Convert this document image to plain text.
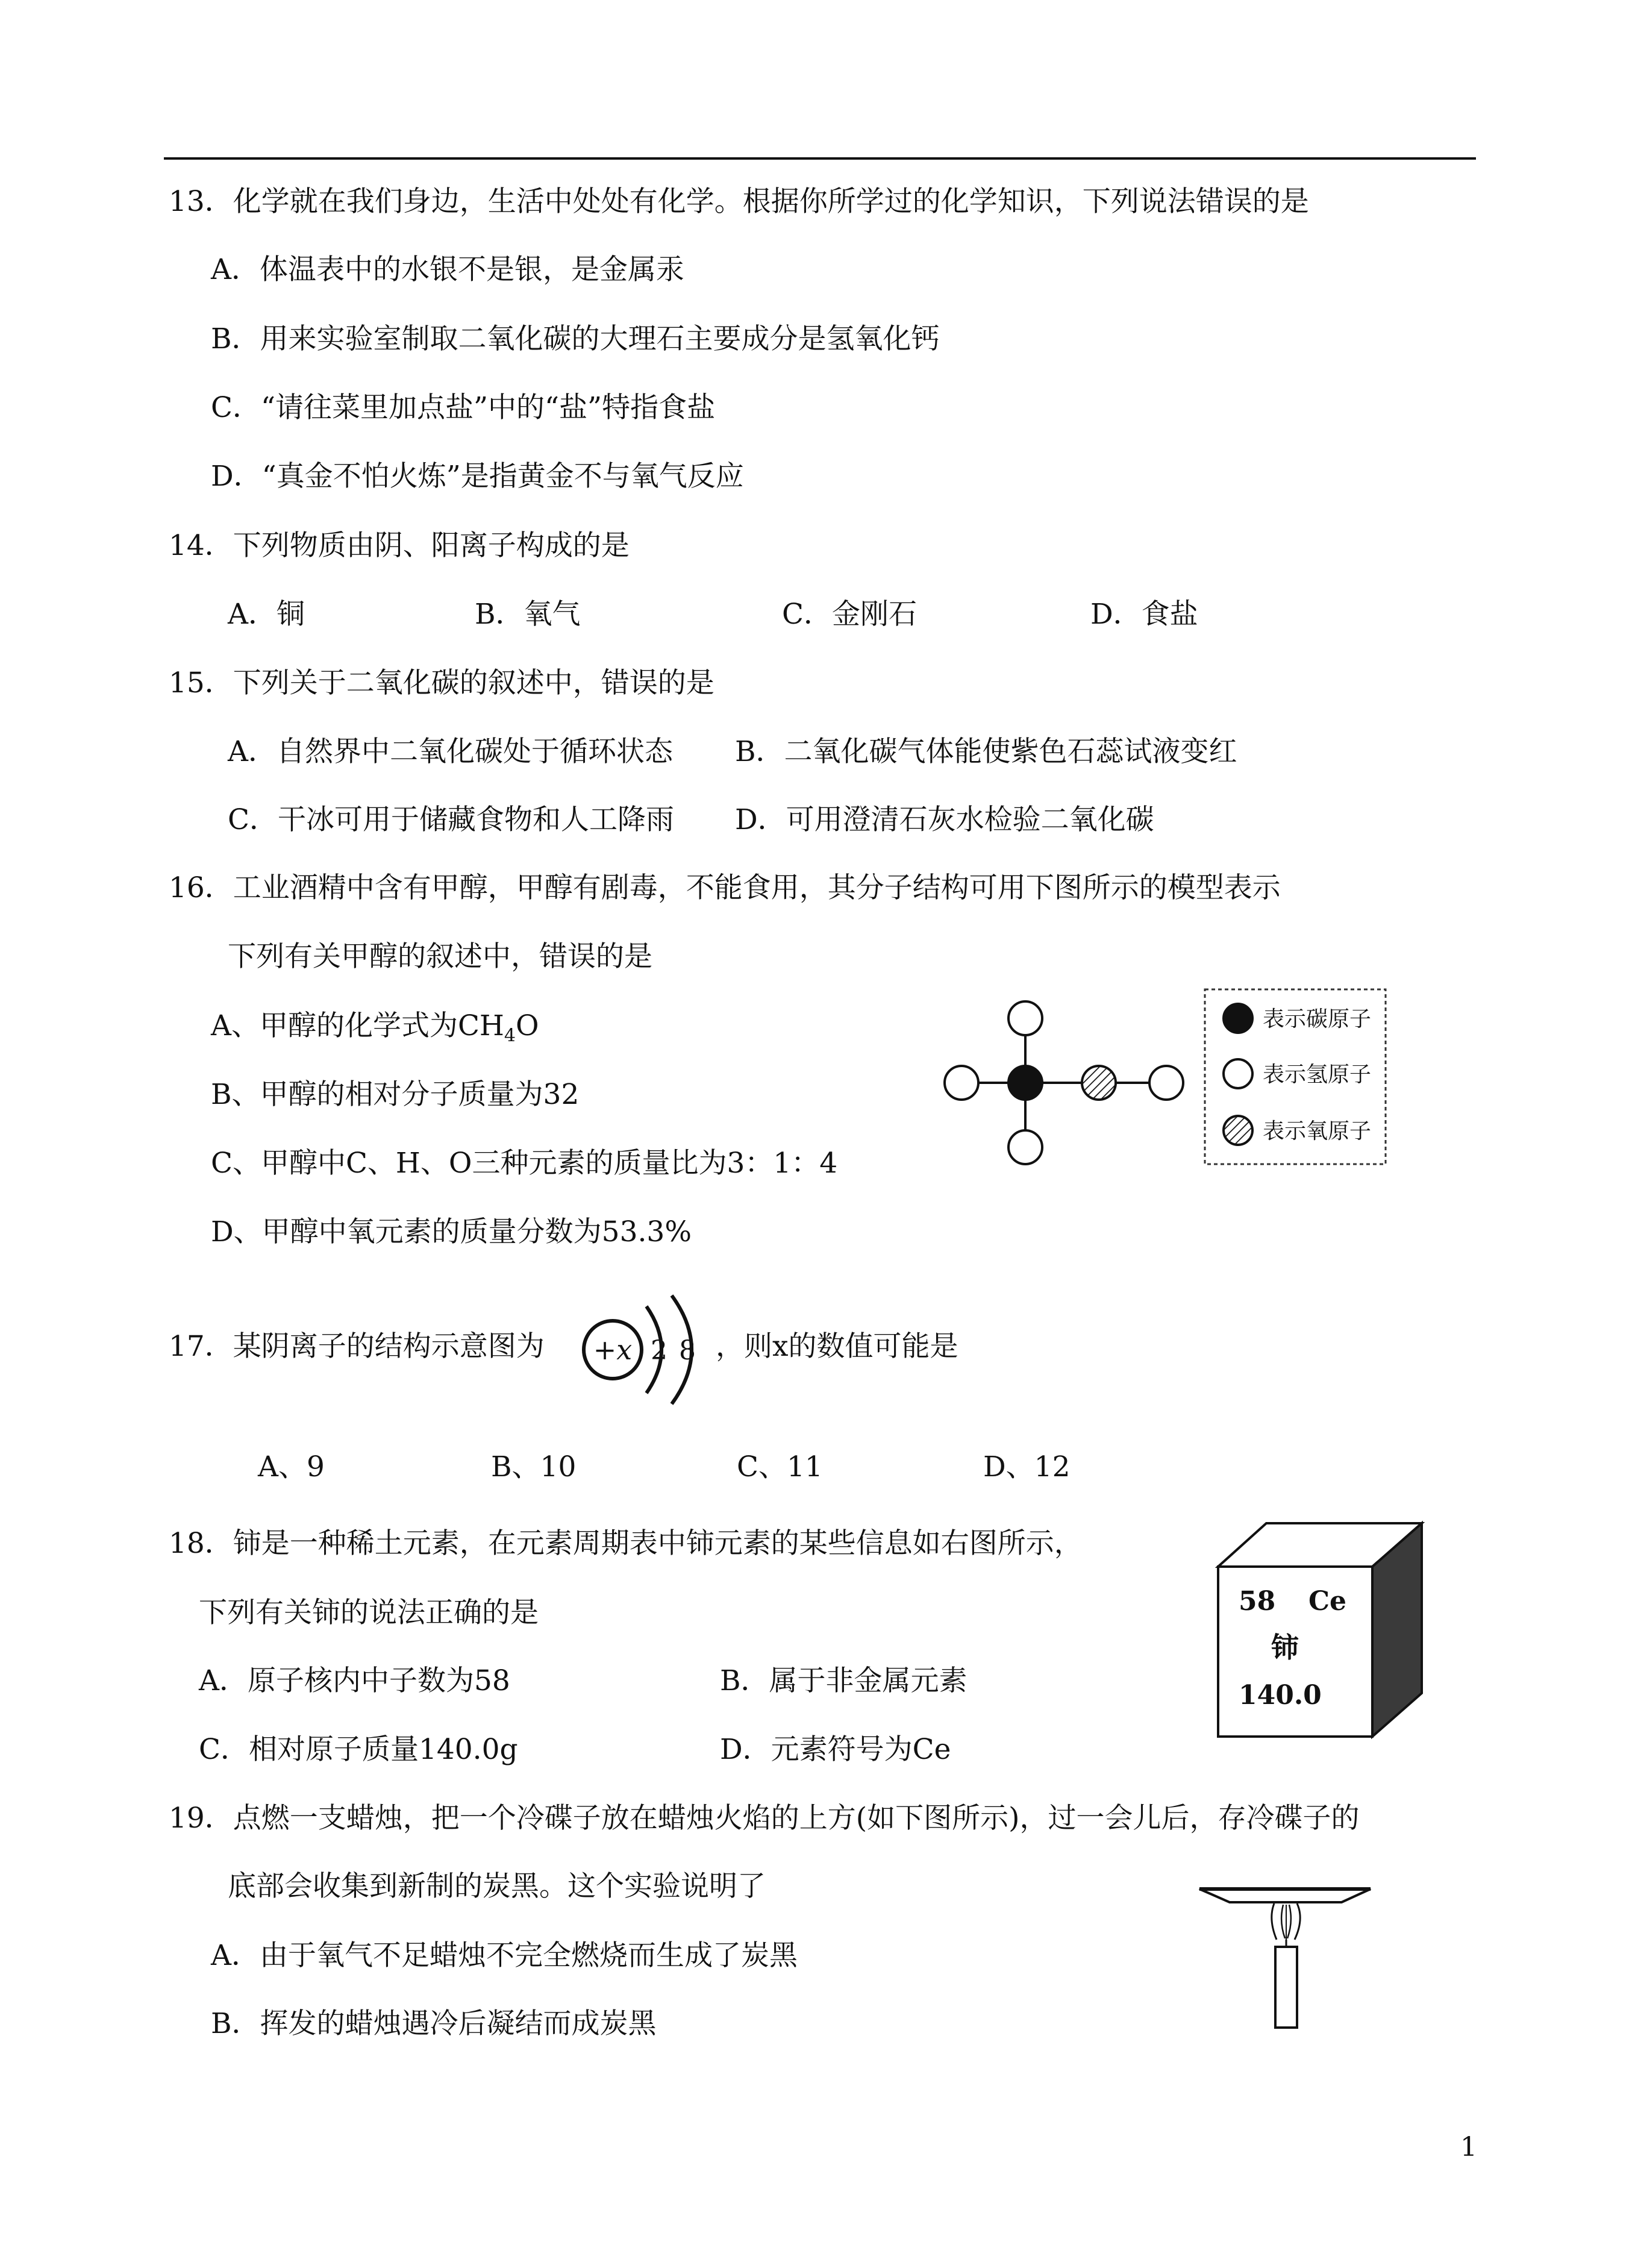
13．化学就在我们身边，生活中处处有化学。根据你所学过的化学知识，下列说法错误的是
A．体温表中的水银不是银，是金属汞
B．用来实验室制取二氧化碳的大理石主要成分是氢氧化钙
C．“请往菜里加点盐”中的“盐”特指食盐
D．“真金不怕火炼”是指黄金不与氧气反应
14．下列物质由阴、阳离子构成的是
A．铜	B．氧气	C．金刚石	D．食盐
15．下列关于二氧化碳的叙述中，错误的是
A．自然界中二氧化碳处于循环状态 B．二氧化碳气体能使紫色石蕊试液变红
C．干冰可用于储藏食物和人工降雨 D．可用澄清石灰水检验二氧化碳
16．工业酒精中含有甲醇，甲醇有剧毒，不能食用，其分子结构可用下图所示的模型表示
下列有关甲醇的叙述中，错误的是
A、甲醇的化学式为$CH_4O$
B、甲醇的相对分子质量为32
C、甲醇中C、H、O三种元素的质量比为3：1：4
D、甲醇中氧元素的质量分数为53.3%
表示碳原子
表示氢原子
表示氧原子
17．某阴离子的结构示意图为 +x 2 8 ，则x的数值可能是
A、9	B、10	C、11	D、12
18．铈是一种稀土元素，在元素周期表中铈元素的某些信息如右图所示，
下列有关铈的说法正确的是
A．原子核内中子数为58	B．属于非金属元素
C．相对原子质量140.0g	D．元素符号为Ce
58 Ce
铈
140.0
19．点燃一支蜡烛，把一个冷碟子放在蜡烛火焰的上方(如下图所示)，过一会儿后，存冷碟子的
底部会收集到新制的炭黑。这个实验说明了
A．由于氧气不足蜡烛不完全燃烧而生成了炭黑
B．挥发的蜡烛遇冷后凝结而成炭黑
1
